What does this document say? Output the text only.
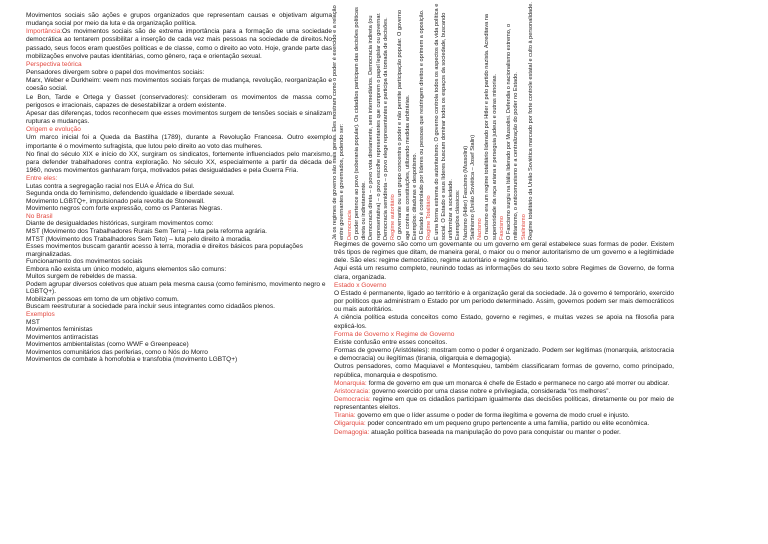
Movimentos sociais são ações e grupos organizados que representam causas e objetivam alguma mudança social por meio da luta e da organização política.

Importância:Os movimentos sociais são de extrema importância para a formação de uma sociedade democrática ao tentarem possibilitar a inserção de cada vez mais pessoas na sociedade de direitos.No passado, seus focos eram questões políticas e de classe, como o direito ao voto. Hoje, grande parte das mobilizações envolve pautas identitárias, como gênero, raça e orientação sexual.

Perspectiva teórica

Pensadores divergem sobre o papel dos movimentos sociais:

Marx, Weber e Durkheim: veem nos movimentos sociais forças de mudança, revolução, reorganização e coesão social.

Le Bon, Tarde e Ortega y Gasset (conservadores): consideram os movimentos de massa como perigosos e irracionais, capazes de desestabilizar a ordem existente.

Apesar das diferenças, todos reconhecem que esses movimentos surgem de tensões sociais e sinalizam rupturas e mudanças.

Origem e evolução

Um marco inicial foi a Queda da Bastilha (1789), durante a Revolução Francesa. Outro exemplo importante é o movimento sufragista, que lutou pelo direito ao voto das mulheres.

No final do século XIX e início do XX, surgiram os sindicatos, fortemente influenciados pelo marxismo, para defender trabalhadores contra exploração. No século XX, especialmente a partir da década de 1960, novos movimentos ganharam força, motivados pelas desigualdades e pela Guerra Fria.

Entre eles:

Lutas contra a segregação racial nos EUA e África do Sul.

Segunda onda do feminismo, defendendo igualdade e liberdade sexual.

Movimento LGBTQ+, impulsionado pela revolta de Stonewall.

Movimento negros com forte expressão, como os Panteras Negras.

No Brasil

Diante de desigualdades históricas, surgiram movimentos como:

MST (Movimento dos Trabalhadores Rurais Sem Terra) – luta pela reforma agrária.

MTST (Movimento dos Trabalhadores Sem Teto) – luta pelo direito à moradia.

Esses movimentos buscam garantir acesso à terra, moradia e direitos básicos para populações marginalizadas.

Funcionamento dos movimentos sociais

Embora não exista um único modelo, alguns elementos são comuns:

Muitos surgem de rebeldes de massa.

Podem agrupar diversos coletivos que atuam pela mesma causa (como feminismo, movimento negro e LGBTQ+).

Mobilizam pessoas em torno de um objetivo comum.

Buscam reestruturar a sociedade para incluir seus integrantes como cidadãos plenos.

Exemplos

MST

Movimentos feministas

Movimentos antirracistas

Movimentos ambientalistas (como WWF e Greenpeace)

Movimentos comunitários das periferias, como o Nós do Morro

Movimentos de combate à homofobia e transfobia (movimento LGBTQ+)

Já os regimes de governo são mais gerais. Eles mostram como o poder é exercido e a relação entre governantes e governados, podendo ser: Democracia O poder pertence ao povo (soberania popular). Os cidadãos participam das decisões políticas direta ou indiretamente. Democracia direta – o povo vota diretamente, sem intermediários. Democracia indireta (ou representativa) – o povo escolhe representantes que cumprem o papel legislar ou governar. Democracia semidireta – o povo elege representantes e participa da tomada de decisões. Regime autoritário O governante ou um grupo concentra o poder e não permite participação popular. O governo age contra as constituições, utilizando medidas arbitrárias. Exemplos: ditaduras e despotismo. O Estado é controlado por líderes ou pessoas que restringem direitos e oprimem a oposição. Regime Totalitário É uma forma extrema do autoritarismo. O governo controla todos os aspectos da vida política e social. O Estado e seus líderes buscam dominar todos os espaços da sociedade, buscando uniformizar a sociedade. Exemplos clássicos: Nazismo (Hitler) Fascismo (Mussolini) Stalinismo (União Soviética – Josef Stalin) Nazismo O nazismo era um regime totalitário liderado por Hitler e pelo partido nazista. Acreditava na superioridade da raça ariana e perseguia judeus e outras minorias. Fascismo O Fascismo surgiu na Itália liderado por Mussolini. Defendia o nacionalismo extremo, o militarismo, o anticomunismo e a centralização do poder no Estado. Stalinismo Regime totalitário da União Soviética marcado por forte controle estatal e culto à personalidade.

Regimes de governo são como um governante ou um governo em geral estabelece suas formas de poder. Existem três tipos de regimes que ditam, de maneira geral, o maior ou o menor autoritarismo de um governo e a legitimidade dele. São eles: regime democrático, regime autoritário e regime totalitário.

Aqui está um resumo completo, reunindo todas as informações do seu texto sobre Regimes de Governo, de forma clara, organizada.

Estado x Governo

O Estado é permanente, ligado ao território e à organização geral da sociedade. Já o governo é temporário, exercido por políticos que administram o Estado por um período determinado. Assim, governos podem ser mais democráticos ou mais autoritários.

A ciência política estuda conceitos como Estado, governo e regimes, e muitas vezes se apoia na filosofia para explicá-los.

Forma de Governo x Regime de Governo

Existe confusão entre esses conceitos.

Formas de governo (Aristóteles): mostram como o poder é organizado. Podem ser legítimas (monarquia, aristocracia e democracia) ou ilegítimas (tirania, oligarquia e demagogia).

Outros pensadores, como Maquiavel e Montesquieu, também classificaram formas de governo, como principado, república, monarquia e despotismo.

Monarquia: forma de governo em que um monarca é chefe de Estado e permanece no cargo até morrer ou abdicar.

Aristocracia: governo exercido por uma classe nobre e privilegiada, considerada “os melhores”.

Democracia: regime em que os cidadãos participam igualmente das decisões políticas, diretamente ou por meio de representantes eleitos.

Tirania: governo em que o líder assume o poder de forma ilegítima e governa de modo cruel e injusto.

Oligarquia: poder concentrado em um pequeno grupo pertencente a uma família, partido ou elite econômica.

Demagogia: atuação política baseada na manipulação do povo para conquistar ou manter o poder.
